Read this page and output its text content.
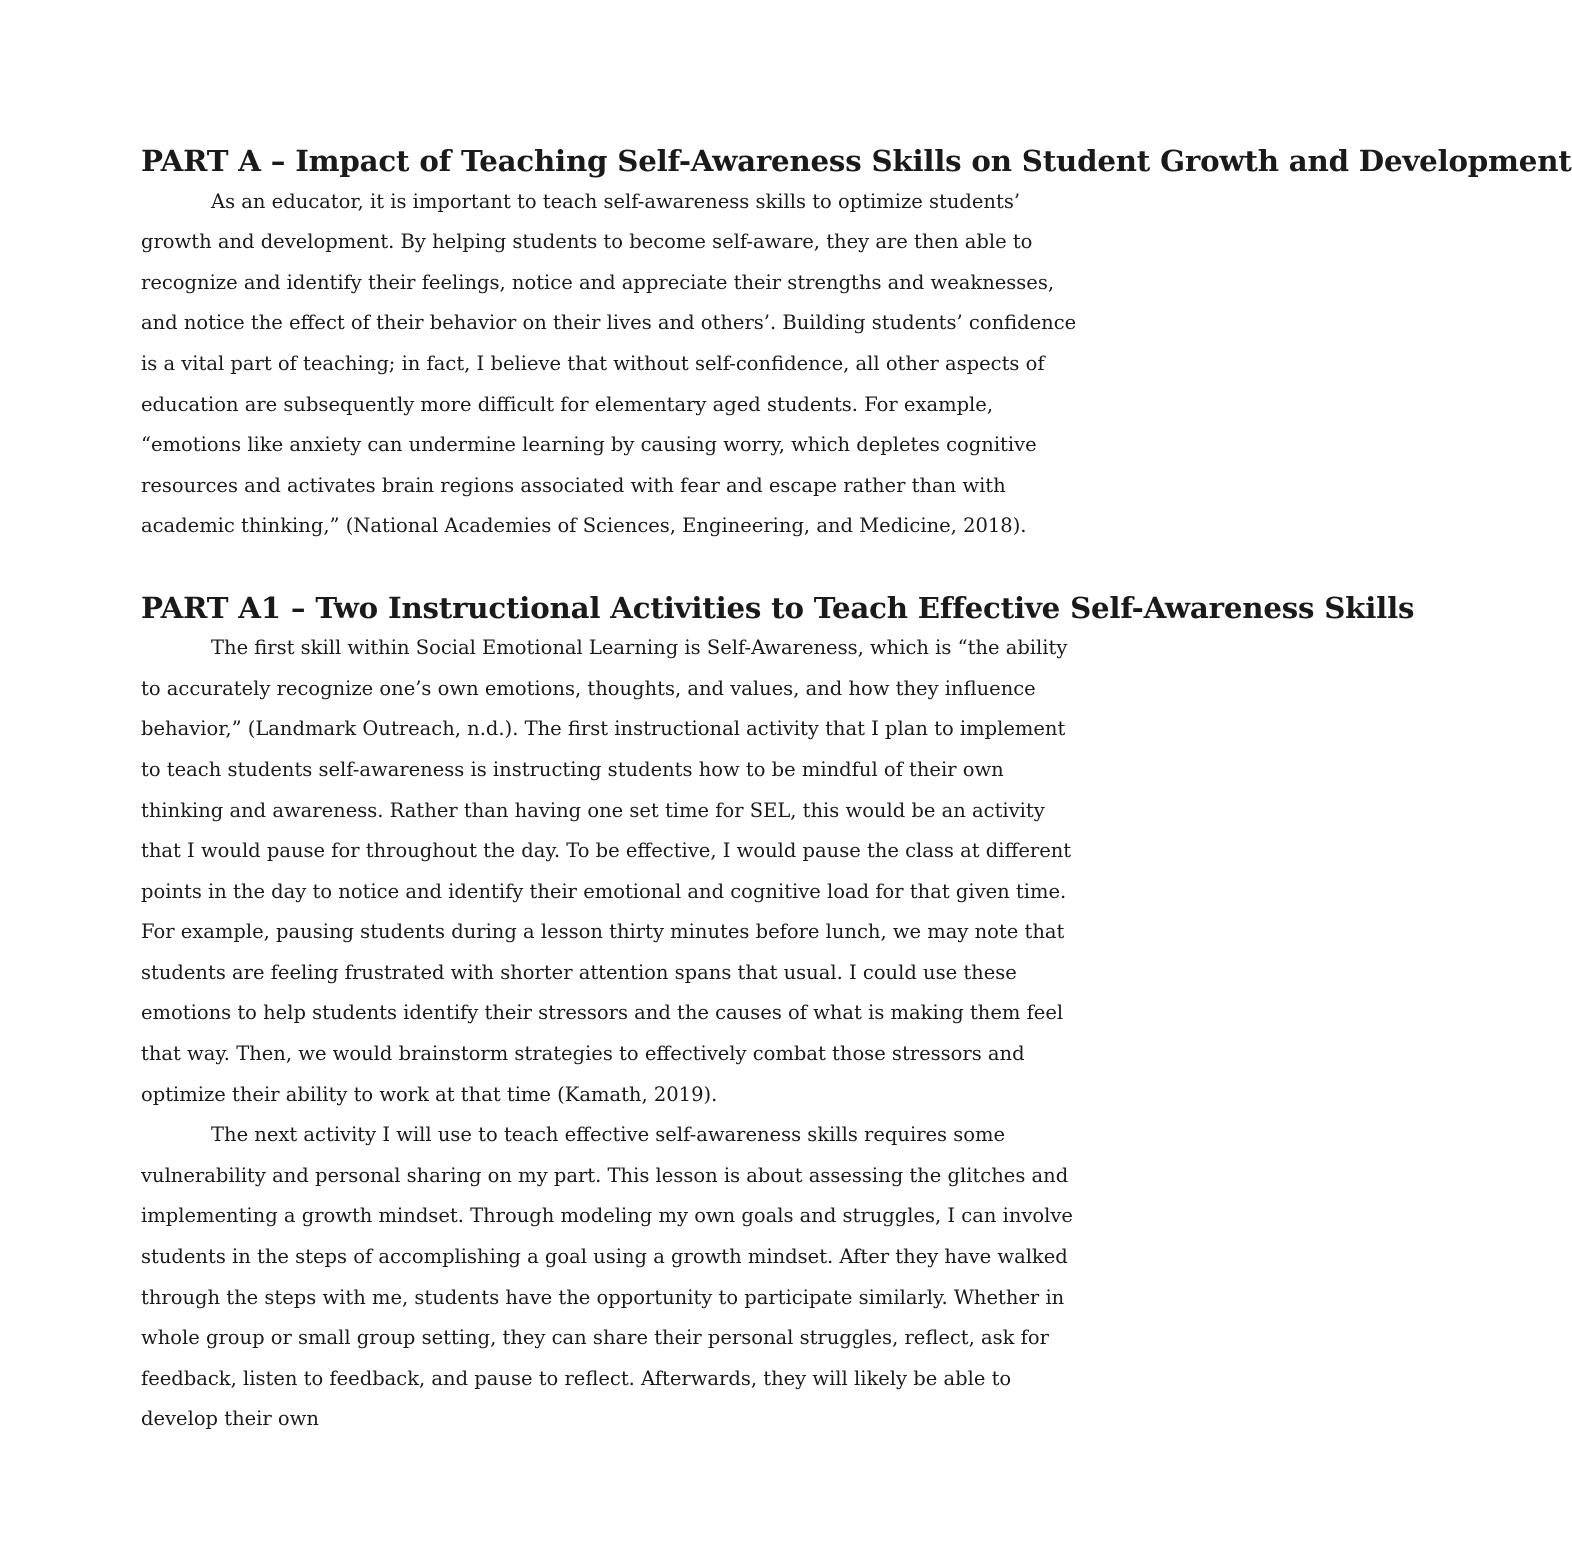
PART A – Impact of Teaching Self-Awareness Skills on Student Growth and Development

As an educator, it is important to teach self-awareness skills to optimize students’ growth and development. By helping students to become self-aware, they are then able to recognize and identify their feelings, notice and appreciate their strengths and weaknesses, and notice the effect of their behavior on their lives and others’. Building students’ confidence is a vital part of teaching; in fact, I believe that without self-confidence, all other aspects of education are subsequently more difficult for elementary aged students. For example, “emotions like anxiety can undermine learning by causing worry, which depletes cognitive resources and activates brain regions associated with fear and escape rather than with academic thinking,” (National Academies of Sciences, Engineering, and Medicine, 2018).

PART A1 – Two Instructional Activities to Teach Effective Self-Awareness Skills

The first skill within Social Emotional Learning is Self-Awareness, which is “the ability to accurately recognize one’s own emotions, thoughts, and values, and how they influence behavior,” (Landmark Outreach, n.d.). The first instructional activity that I plan to implement to teach students self-awareness is instructing students how to be mindful of their own thinking and awareness. Rather than having one set time for SEL, this would be an activity that I would pause for throughout the day. To be effective, I would pause the class at different points in the day to notice and identify their emotional and cognitive load for that given time. For example, pausing students during a lesson thirty minutes before lunch, we may note that students are feeling frustrated with shorter attention spans that usual. I could use these emotions to help students identify their stressors and the causes of what is making them feel that way. Then, we would brainstorm strategies to effectively combat those stressors and optimize their ability to work at that time (Kamath, 2019).

The next activity I will use to teach effective self-awareness skills requires some vulnerability and personal sharing on my part. This lesson is about assessing the glitches and implementing a growth mindset. Through modeling my own goals and struggles, I can involve students in the steps of accomplishing a goal using a growth mindset. After they have walked through the steps with me, students have the opportunity to participate similarly. Whether in whole group or small group setting, they can share their personal struggles, reflect, ask for feedback, listen to feedback, and pause to reflect. Afterwards, they will likely be able to develop their own
